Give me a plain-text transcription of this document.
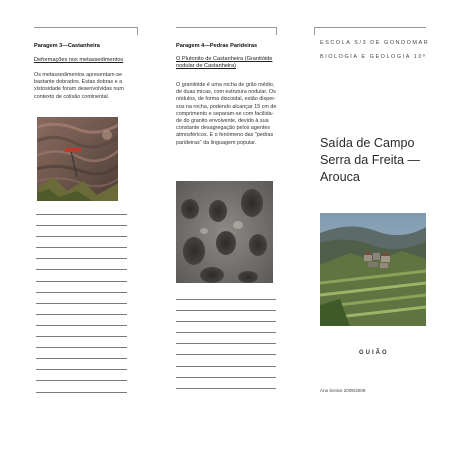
Paragem 3—Castanheira
Deformações nos metassedimentos
Os metassedimentos apresentam-se
bastante dobrados. Estas dobras e a
xistosidade foram desenvolvidas num
contexto de colisão continental.
Paragem 4—Pedras Parideiras
O Plutonito de Castanheira (Granitóide
nodular de Castanheira)
O granitóide é uma rocha de grão médio,
de duas micas, com estrutura nodular. Os
nódulos, de forma discoidal, estão disper-
sos na rocha, podendo alcançar 15 cm de
comprimento e separam-se com facilida-
de do granito envolvente, devido à sua
constante desagregação pelos agentes
atmosféricos. E o fenómeno das "pedras
parideiras" da linguagem popular.
ESCOLA S/3 DE GONDOMAR
BIOLOGIA E GEOLOGIA 10º
Saída de Campo
Serra da Freita —
Arouca
GUIÃO
Ano lectivo 2008/2009
